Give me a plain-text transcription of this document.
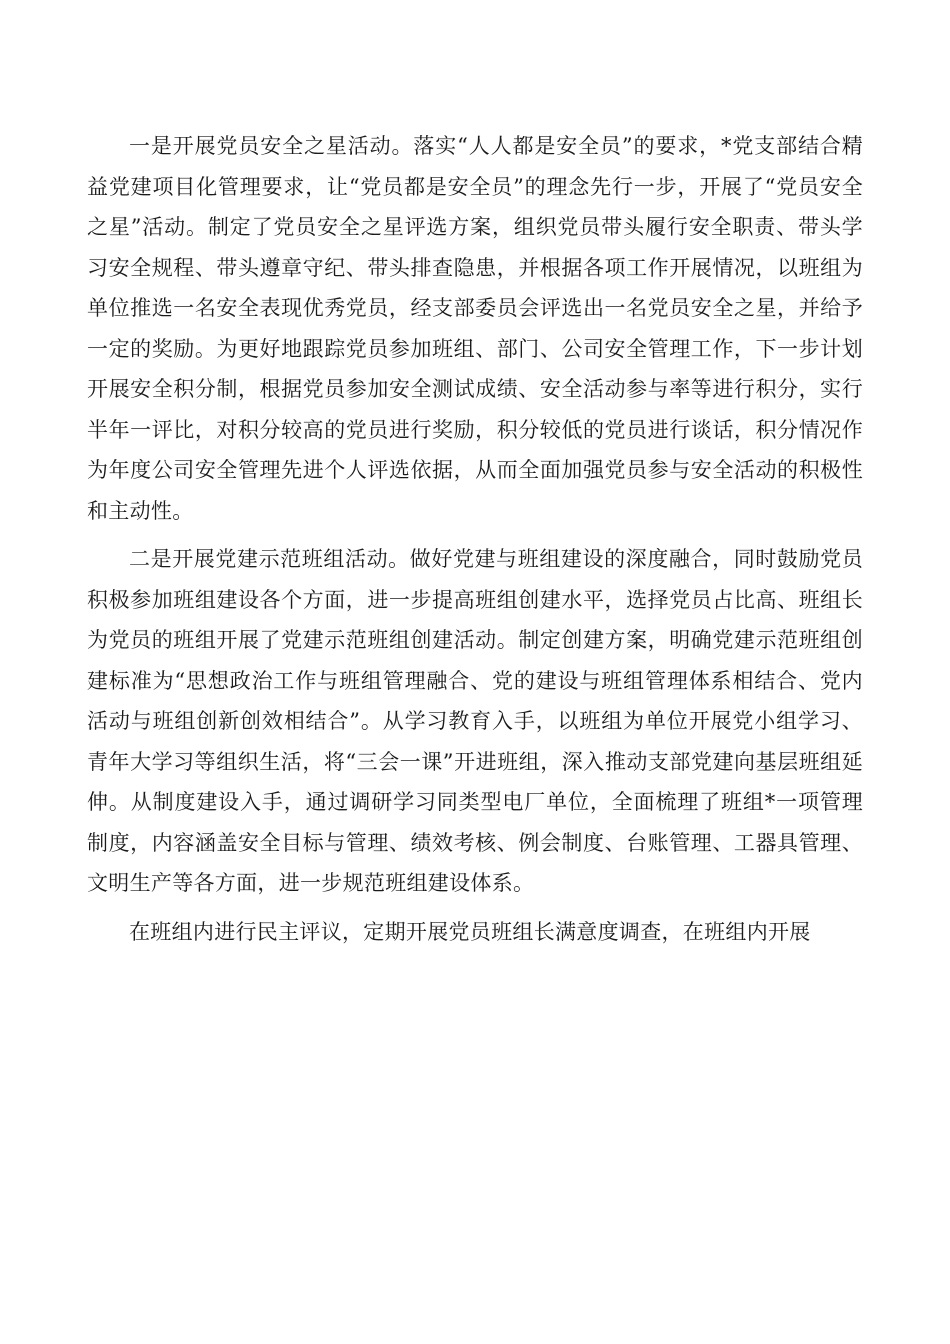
一是开展党员安全之星活动。落实“人人都是安全员”的要求，*党支部结合精益党建项目化管理要求，让“党员都是安全员”的理念先行一步，开展了“党员安全之星”活动。制定了党员安全之星评选方案，组织党员带头履行安全职责、带头学习安全规程、带头遵章守纪、带头排查隐患，并根据各项工作开展情况，以班组为单位推选一名安全表现优秀党员，经支部委员会评选出一名党员安全之星，并给予一定的奖励。为更好地跟踪党员参加班组、部门、公司安全管理工作，下一步计划开展安全积分制，根据党员参加安全测试成绩、安全活动参与率等进行积分，实行半年一评比，对积分较高的党员进行奖励，积分较低的党员进行谈话，积分情况作为年度公司安全管理先进个人评选依据，从而全面加强党员参与安全活动的积极性和主动性。

二是开展党建示范班组活动。做好党建与班组建设的深度融合，同时鼓励党员积极参加班组建设各个方面，进一步提高班组创建水平，选择党员占比高、班组长为党员的班组开展了党建示范班组创建活动。制定创建方案，明确党建示范班组创建标准为“思想政治工作与班组管理融合、党的建设与班组管理体系相结合、党内活动与班组创新创效相结合”。从学习教育入手，以班组为单位开展党小组学习、青年大学习等组织生活，将“三会一课”开进班组，深入推动支部党建向基层班组延伸。从制度建设入手，通过调研学习同类型电厂单位，全面梳理了班组*一项管理制度，内容涵盖安全目标与管理、绩效考核、例会制度、台账管理、工器具管理、文明生产等各方面，进一步规范班组建设体系。

在班组内进行民主评议，定期开展党员班组长满意度调查，在班组内开展
